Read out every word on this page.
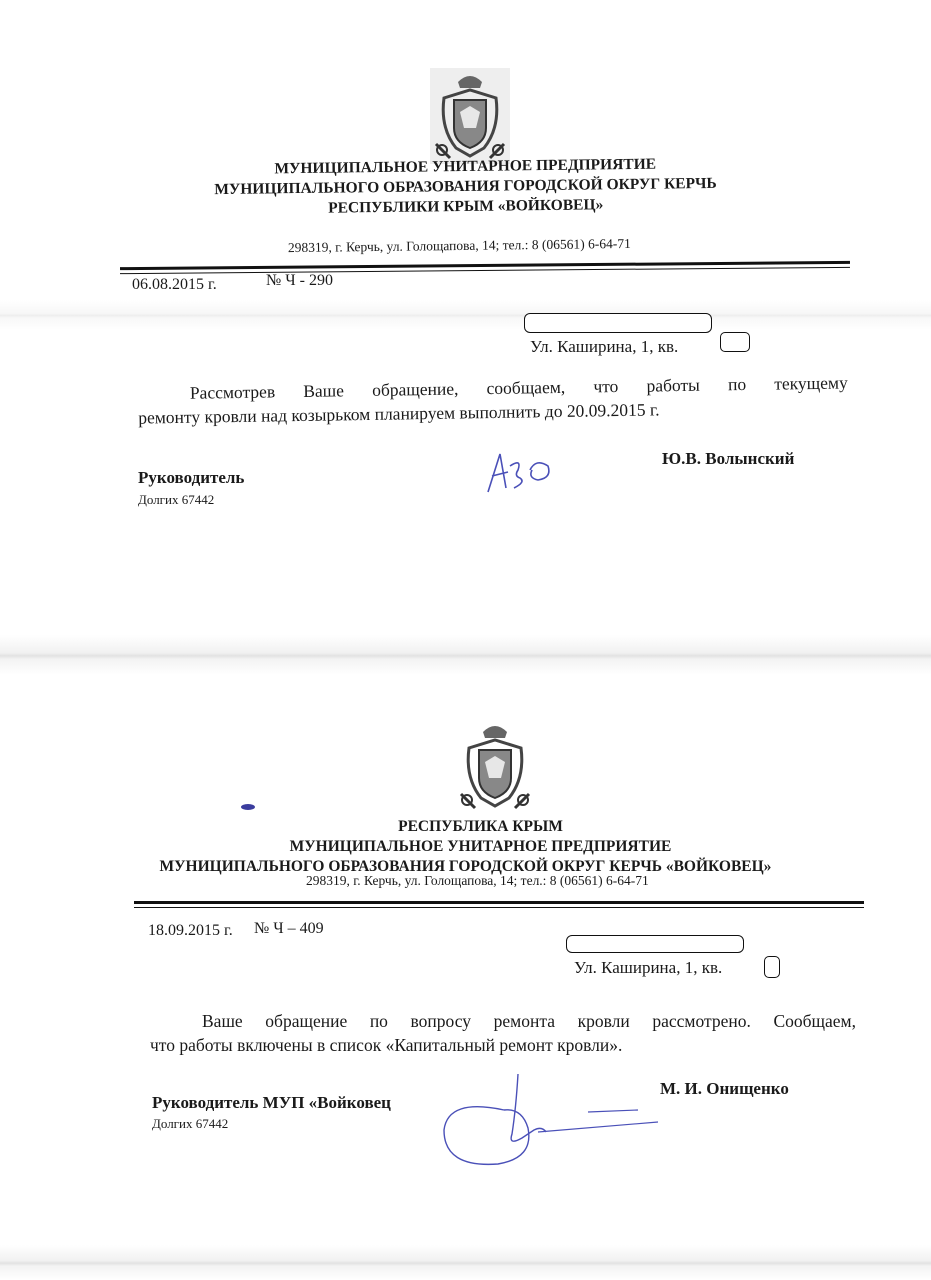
МУНИЦИПАЛЬНОЕ УНИТАРНОЕ ПРЕДПРИЯТИЕ
МУНИЦИПАЛЬНОГО ОБРАЗОВАНИЯ ГОРОДСКОЙ ОКРУГ КЕРЧЬ
РЕСПУБЛИКИ КРЫМ «ВОЙКОВЕЦ»
298319, г. Керчь, ул. Голощапова, 14; тел.: 8 (06561) 6-64-71
06.08.2015 г.	№ Ч - 290
Ул. Каширина, 1, кв.
Рассмотрев Ваше обращение, сообщаем, что работы по текущему
ремонту кровли над козырьком планируем выполнить до 20.09.2015 г.
Руководитель
Ю.В. Волынский
Долгих 67442
РЕСПУБЛИКА КРЫМ
МУНИЦИПАЛЬНОЕ УНИТАРНОЕ ПРЕДПРИЯТИЕ
МУНИЦИПАЛЬНОГО ОБРАЗОВАНИЯ ГОРОДСКОЙ ОКРУГ КЕРЧЬ «ВОЙКОВЕЦ»
298319, г. Керчь, ул. Голощапова, 14; тел.: 8 (06561) 6-64-71
18.09.2015 г. № Ч – 409
Ул. Каширина, 1, кв.
Ваше обращение по вопросу ремонта кровли рассмотрено. Сообщаем,
что работы включены в список «Капитальный ремонт кровли».
Руководитель МУП «Войковец
М. И. Онищенко
Долгих 67442
